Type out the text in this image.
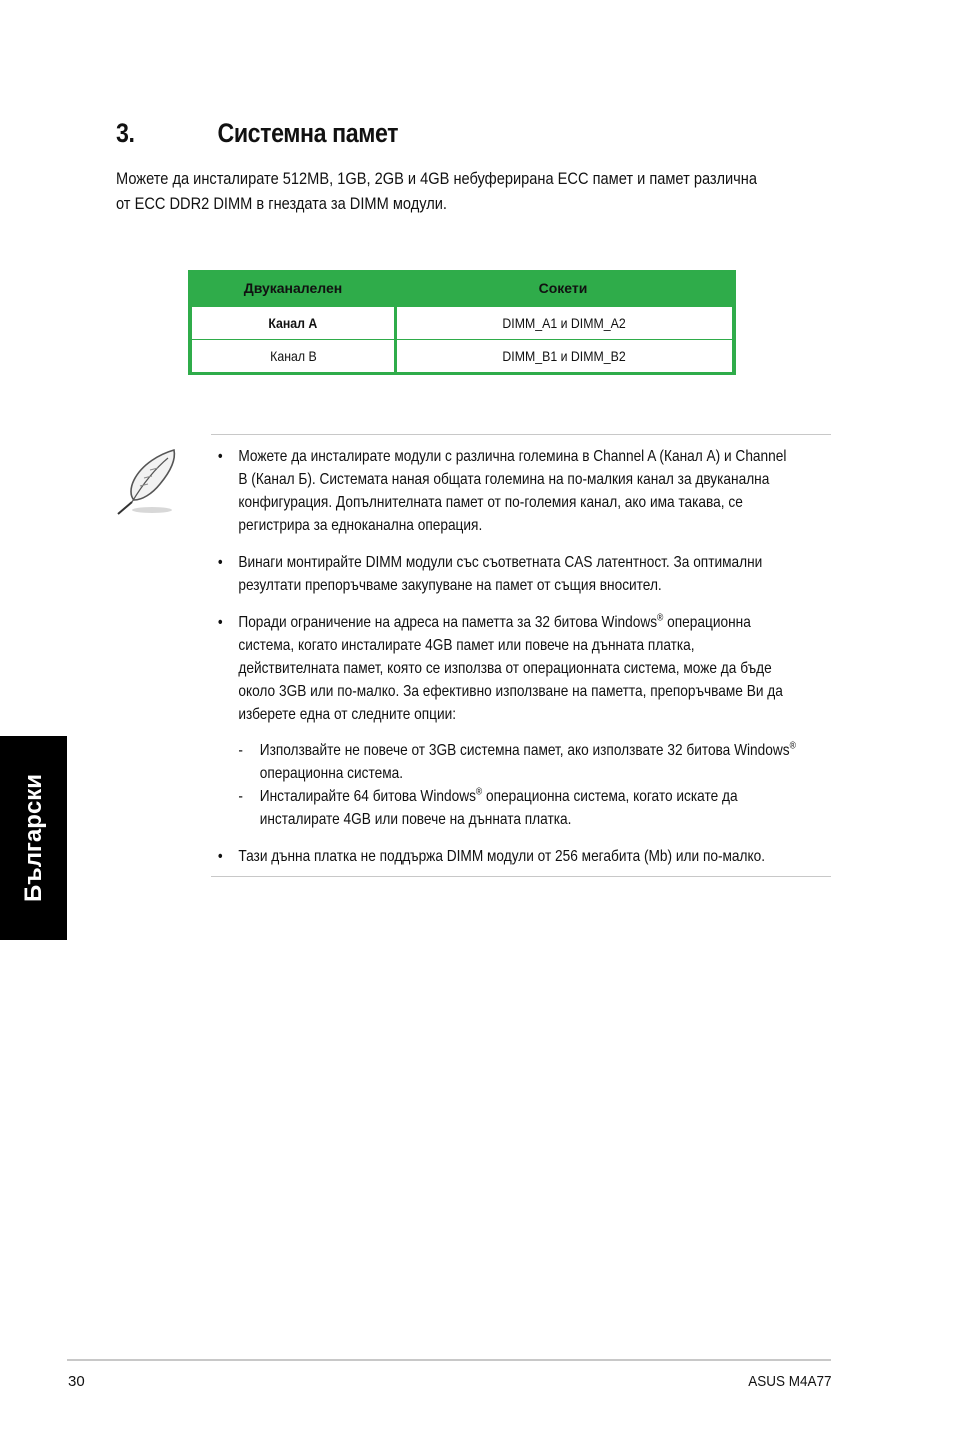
3.	Системна памет
Можете да инсталирате 512MB, 1GB, 2GB и 4GB небуферирана ECC памет и памет различна
от ECC DDR2 DIMM в гнездата за DIMM модули.
Двуканалелен	Сокети
Канал A	DIMM_A1 и DIMM_A2
Канал B	DIMM_B1 и DIMM_B2
• Можете да инсталирате модули с различна големина в Channel A (Канал A) и Channel
B (Канал Б). Системата наная общата големина на по-малкия канал за двуканална
конфигурация. Допълнителната памет от по-големия канал, ако има такава, се
регистрира за едноканална операция.
• Винаги монтирайте DIMM модули със съответната CAS латентност. За оптимални
резултати препоръчваме закупуване на памет от същия вносител.
• Поради ограничение на адреса на паметта за 32 битова Windows® операционна
система, когато инсталирате 4GB памет или повече на дънната платка,
действителната памет, която се използва от операционната система, може да бъде
около 3GB или по-малко. За ефективно използване на паметта, препоръчваме Ви да
изберете една от следните опции:
- Използвайте не повече от 3GB системна памет, ако използвате 32 битова Windows®
операционна система.
- Инсталирайте 64 битова Windows® операционна система, когато искате да
инсталирате 4GB или повече на дънната платка.
• Тази дънна платка не поддържа DIMM модули от 256 мегабита (Mb) или по-малко.
Български
30	ASUS M4A77
